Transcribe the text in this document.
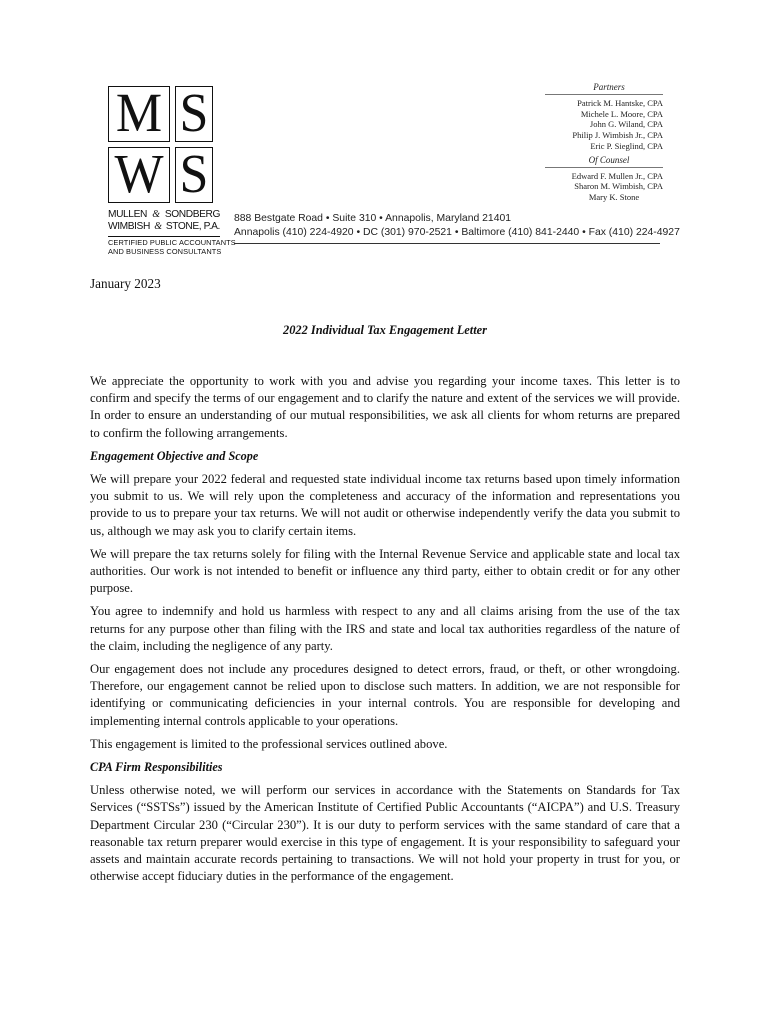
M S
W S
MULLEN & SONDBERG
WIMBISH & STONE, P.A.
CERTIFIED PUBLIC ACCOUNTANTS
AND BUSINESS CONSULTANTS
Partners
Patrick M. Hantske, CPA
Michele L. Moore, CPA
John G. Wiland, CPA
Philip J. Wimbish Jr., CPA
Eric P. Sieglind, CPA
Of Counsel
Edward F. Mullen Jr., CPA
Sharon M. Wimbish, CPA
Mary K. Stone
888 Bestgate Road • Suite 310 • Annapolis, Maryland 21401
Annapolis (410) 224-4920 • DC (301) 970-2521 • Baltimore (410) 841-2440 • Fax (410) 224-4927
January 2023
2022 Individual Tax Engagement Letter

We appreciate the opportunity to work with you and advise you regarding your income taxes. This letter is to confirm and specify the terms of our engagement and to clarify the nature and extent of the services we will provide. In order to ensure an understanding of our mutual responsibilities, we ask all clients for whom returns are prepared to confirm the following arrangements.

Engagement Objective and Scope

We will prepare your 2022 federal and requested state individual income tax returns based upon timely information you submit to us. We will rely upon the completeness and accuracy of the information and representations you provide to us to prepare your tax returns. We will not audit or otherwise independently verify the data you submit to us, although we may ask you to clarify certain items.

We will prepare the tax returns solely for filing with the Internal Revenue Service and applicable state and local tax authorities. Our work is not intended to benefit or influence any third party, either to obtain credit or for any other purpose.

You agree to indemnify and hold us harmless with respect to any and all claims arising from the use of the tax returns for any purpose other than filing with the IRS and state and local tax authorities regardless of the nature of the claim, including the negligence of any party.

Our engagement does not include any procedures designed to detect errors, fraud, or theft, or other wrongdoing. Therefore, our engagement cannot be relied upon to disclose such matters. In addition, we are not responsible for identifying or communicating deficiencies in your internal controls. You are responsible for developing and implementing internal controls applicable to your operations.

This engagement is limited to the professional services outlined above.

CPA Firm Responsibilities

Unless otherwise noted, we will perform our services in accordance with the Statements on Standards for Tax Services (“SSTSs”) issued by the American Institute of Certified Public Accountants (“AICPA”) and U.S. Treasury Department Circular 230 (“Circular 230”). It is our duty to perform services with the same standard of care that a reasonable tax return preparer would exercise in this type of engagement. It is your responsibility to safeguard your assets and maintain accurate records pertaining to transactions. We will not hold your property in trust for you, or otherwise accept fiduciary duties in the performance of the engagement.
